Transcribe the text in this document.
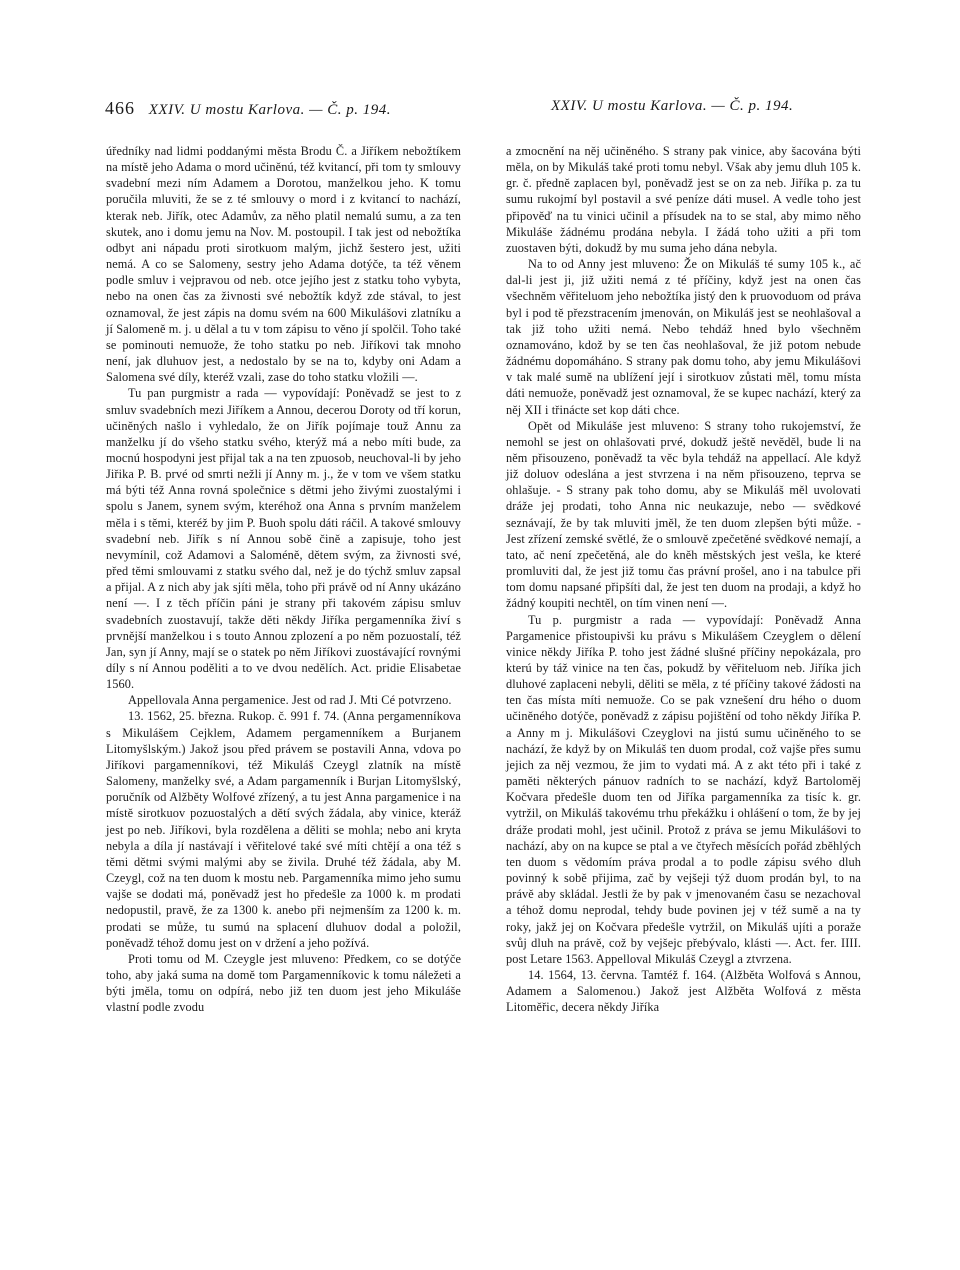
466 XXIV. U mostu Karlova. — Č. p. 194.	XXIV. U mostu Karlova. — Č. p. 194.

úředníky nad lidmi poddanými města Brodu Č. a Jiříkem nebožtíkem na místě jeho Adama o mord učiněnú, též kvitancí, při tom ty smlouvy svadební mezi ním Adamem a Dorotou, manželkou jeho. K tomu poručila mluviti, že se z té smlouvy o mord i z kvitancí to nachází, kterak neb. Jiřík, otec Adamův, za něho platil nemalú sumu, a za ten skutek, ano i domu jemu na Nov. M. postoupil. I tak jest od nebožtíka odbyt ani nápadu proti sirotkuom malým, jichž šestero jest, užiti nemá. A co se Salomeny, sestry jeho Adama dotýče, ta též věnem podle smluv i vejpravou od neb. otce jejího jest z statku toho vybyta, nebo na onen čas za živnosti své nebožtík když zde stával, to jest oznamoval, že jest zápis na domu svém na 600 Mikulášovi zlatníku a jí Salomeně m. j. u dělal a tu v tom zápisu to věno jí spolčil. Toho také se pominouti nemuože, že toho statku po neb. Jiříkovi tak mnoho není, jak dluhuov jest, a nedostalo by se na to, kdyby oni Adam a Salomena své díly, kteréž vzali, zase do toho statku vložili —.

Tu pan purgmistr a rada — vypovídají: Poněvadž se jest to z smluv svadebních mezi Jiříkem a Annou, decerou Doroty od tří korun, učiněných našlo i vyhledalo, že on Jiřík pojímaje touž Annu za manželku jí do všeho statku svého, kterýž má a nebo míti bude, za mocnú hospodyni jest přijal tak a na ten zpuosob, neuchoval-li by jeho Jiřika P. B. prvé od smrti nežli jí Anny m. j., že v tom ve všem statku má býti též Anna rovná společnice s dětmi jeho živými zuostalými i spolu s Janem, synem svým, kteréhož ona Anna s prvním manželem měla i s těmi, kteréž by jim P. Buoh spolu dáti ráčil. A takové smlouvy svadební neb. Jiřík s ní Annou sobě čině a zapisuje, toho jest nevymínil, což Adamovi a Saloméně, dětem svým, za živnosti své, před těmi smlouvami z statku svého dal, než je do týchž smluv zapsal a přijal. A z nich aby jak sjíti měla, toho při právě od ní Anny ukázáno není —. I z těch příčin páni je strany při takovém zápisu smluv svadebních zuostavují, takže děti někdy Jiříka pergamenníka živí s prvnější manželkou i s touto Annou zplození a po něm pozuostalí, též Jan, syn jí Anny, mají se o statek po něm Jiříkovi zuostávající rovnými díly s ní Annou poděliti a to ve dvou nedělích. Act. pridie Elisabetae 1560.

Appellovala Anna pergamenice. Jest od rad J. Mti Cé potvrzeno.

13. 1562, 25. března. Rukop. č. 991 f. 74. (Anna pergamenníkova s Mikulášem Cejklem, Adamem pergamenníkem a Burjanem Litomyšlským.) Jakož jsou před právem se postavili Anna, vdova po Jiříkovi pargamenníkovi, též Mikuláš Czeygl zlatník na místě Salomeny, manželky své, a Adam pargamenník i Burjan Litomyšlský, poručník od Alžběty Wolfové zřízený, a tu jest Anna pargamenice i na místě sirotkuov pozuostalých a dětí svých žádala, aby vinice, kteráž jest po neb. Jiříkovi, byla rozdělena a děliti se mohla; nebo ani kryta nebyla a díla jí nastávají i věřitelové také své míti chtějí a ona též s těmi dětmi svými malými aby se živila. Druhé též žádala, aby M. Czeygl, což na ten duom k mostu neb. Pargamenníka mimo jeho sumu vajše se dodati má, poněvadž jest ho předešle za 1000 k. m prodati nedopustil, pravě, že za 1300 k. anebo při nejmenším za 1200 k. m. prodati se může, tu sumú na splacení dluhuov dodal a položil, poněvadž téhož domu jest on v držení a jeho požívá.

Proti tomu od M. Czeygle jest mluveno: Předkem, co se dotýče toho, aby jaká suma na domě tom Pargamenníkovic k tomu náležeti a býti jměla, tomu on odpírá, nebo již ten duom jest jeho Mikuláše vlastní podle zvodu

a zmocnění na něj učiněného. S strany pak vinice, aby šacována býti měla, on by Mikuláš také proti tomu nebyl. Však aby jemu dluh 105 k. gr. č. předně zaplacen byl, poněvadž jest se on za neb. Jiříka p. za tu sumu rukojmí byl postavil a své peníze dáti musel. A vedle toho jest připověď na tu vinici učinil a přísudek na to se stal, aby mimo něho Mikuláše žádnému prodána nebyla. I žádá toho užiti a při tom zuostaven býti, dokudž by mu suma jeho dána nebyla.

Na to od Anny jest mluveno: Že on Mikuláš té sumy 105 k., ač dal-li jest ji, již užiti nemá z té příčiny, když jest na onen čas všechněm věřiteluom jeho nebožtíka jistý den k pruovoduom od práva byl i pod tě přezstracením jmenován, on Mikuláš jest se neohlašoval a tak již toho užiti nemá. Nebo tehdáž hned bylo všechněm oznamováno, kdož by se ten čas neohlašoval, že již potom nebude žádnému dopomáháno. S strany pak domu toho, aby jemu Mikulášovi v tak malé sumě na ublížení její i sirotkuov zůstati měl, tomu místa dáti nemuože, poněvadž jest oznamoval, že se kupec nachází, který za něj XII i třinácte set kop dáti chce.

Opět od Mikuláše jest mluveno: S strany toho rukojemství, že nemohl se jest on ohlašovati prvé, dokudž ještě nevěděl, bude li na něm přisouzeno, poněvadž ta věc byla tehdáž na appellací. Ale když již doluov odeslána a jest stvrzena i na něm přisouzeno, teprva se ohlašuje. - S strany pak toho domu, aby se Mikuláš měl uvolovati dráže jej prodati, toho Anna nic neukazuje, nebo — svědkové seznávají, že by tak mluviti jměl, že ten duom zlepšen býti může. - Jest zřízení zemské světlé, že o smlouvě zpečetěné svědkové nemají, a tato, ač není zpečetěná, ale do kněh městských jest vešla, ke které promluviti dal, že jest již tomu čas právní prošel, ano i na tabulce při tom domu napsané připšíti dal, že jest ten duom na prodaji, a když ho žádný koupiti nechtěl, on tím vinen není —.

Tu p. purgmistr a rada — vypovídají: Poněvadž Anna Pargamenice přistoupivši ku právu s Mikulášem Czeyglem o dělení vinice někdy Jiříka P. toho jest žádné slušné příčiny nepokázala, pro kterú by táž vinice na ten čas, pokudž by věřiteluom neb. Jiříka jich dluhové zaplaceni nebyli, děliti se měla, z té příčiny takové žádosti na ten čas místa míti nemuože. Co se pak vznešení dru hého o duom učiněného dotýče, poněvadž z zápisu pojištění od toho někdy Jiříka P. a Anny m j. Mikulášovi Czeyglovi na jistú sumu učiněného to se nachází, že když by on Mikuláš ten duom prodal, což vajše přes sumu jejich za něj vezmou, že jim to vydati má. A z akt této při i také z paměti některých pánuov radních to se nachází, když Bartoloměj Kočvara předešle duom ten od Jiříka pargamenníka za tisíc k. gr. vytržil, on Mikuláš takovému trhu překážku i ohlášení o tom, že by jej dráže prodati mohl, jest učinil. Protož z práva se jemu Mikulášovi to nachází, aby on na kupce se ptal a ve čtyřech měsících pořád zběhlých ten duom s vědomím práva prodal a to podle zápisu svého dluh povinný k sobě přijima, zač by vejšeji týž duom prodán byl, to na právě aby skládal. Jestli že by pak v jmenovaném času se nezachoval a téhož domu neprodal, tehdy bude povinen jej v též sumě a na ty roky, jakž jej on Kočvara předešle vytržil, on Mikuláš ujíti a poraže svůj dluh na právě, což by vejšejc přebývalo, klásti —. Act. fer. IIII. post Letare 1563. Appelloval Mikuláš Czeygl a ztvrzena.

14. 1564, 13. června. Tamtéž f. 164. (Alžběta Wolfová s Annou, Adamem a Salomenou.) Jakož jest Alžběta Wolfová z města Litoměřic, decera někdy Jiříka
